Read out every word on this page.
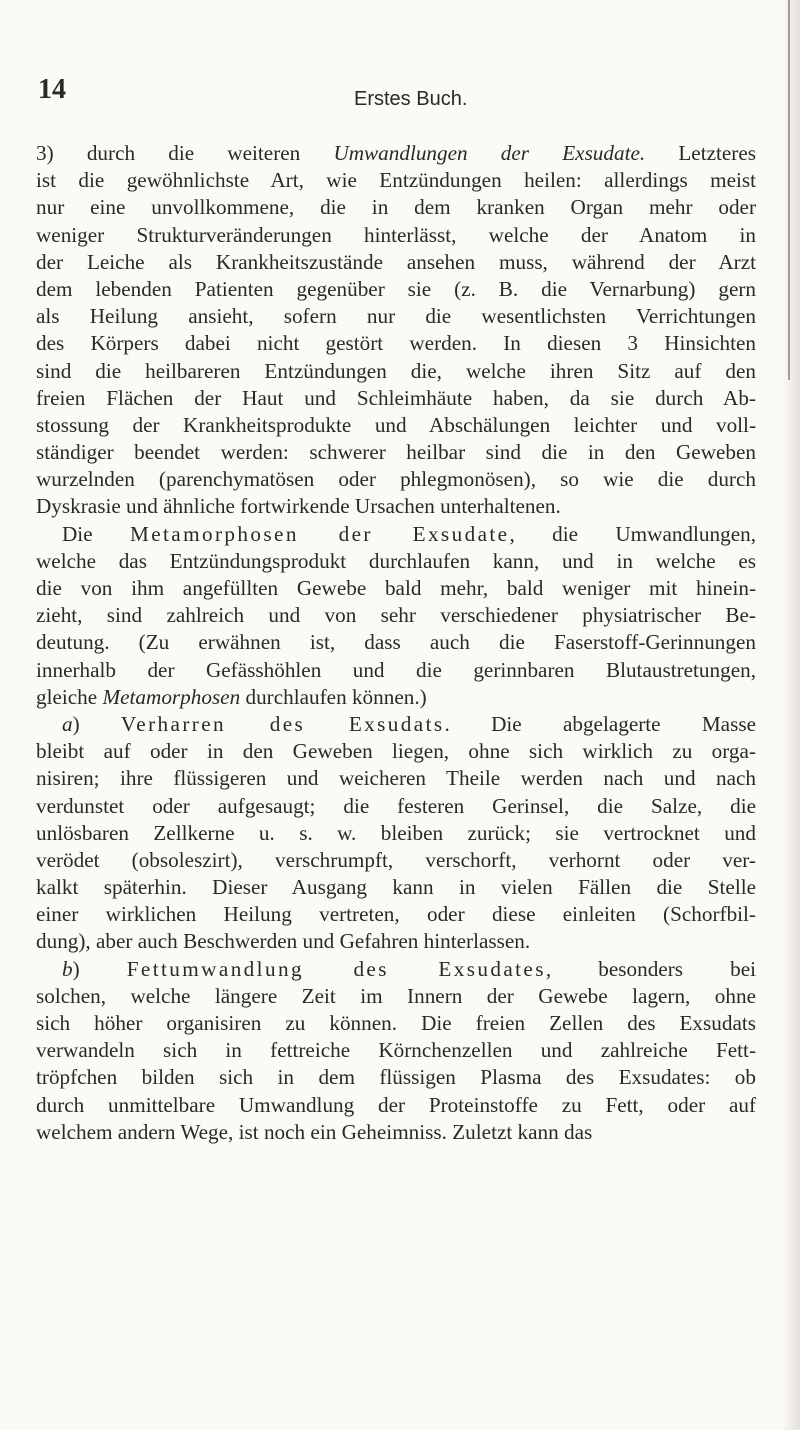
14	Erstes Buch.
3) durch die weiteren Umwandlungen der Exsudate. Letzteres
ist die gewöhnlichste Art, wie Entzündungen heilen: allerdings meist
nur eine unvollkommene, die in dem kranken Organ mehr oder
weniger Strukturveränderungen hinterlässt, welche der Anatom in
der Leiche als Krankheitszustände ansehen muss, während der Arzt
dem lebenden Patienten gegenüber sie (z. B. die Vernarbung) gern
als Heilung ansieht, sofern nur die wesentlichsten Verrichtungen
des Körpers dabei nicht gestört werden. In diesen 3 Hinsichten
sind die heilbareren Entzündungen die, welche ihren Sitz auf den
freien Flächen der Haut und Schleimhäute haben, da sie durch Ab-
stossung der Krankheitsprodukte und Abschälungen leichter und voll-
ständiger beendet werden: schwerer heilbar sind die in den Geweben
wurzelnden (parenchymatösen oder phlegmonösen), so wie die durch
Dyskrasie und ähnliche fortwirkende Ursachen unterhaltenen.
Die Metamorphosen der Exsudate, die Umwandlungen,
welche das Entzündungsprodukt durchlaufen kann, und in welche es
die von ihm angefüllten Gewebe bald mehr, bald weniger mit hinein-
zieht, sind zahlreich und von sehr verschiedener physiatrischer Be-
deutung. (Zu erwähnen ist, dass auch die Faserstoff-Gerinnungen
innerhalb der Gefässhöhlen und die gerinnbaren Blutaustretungen,
gleiche Metamorphosen durchlaufen können.)
a) Verharren des Exsudats. Die abgelagerte Masse
bleibt auf oder in den Geweben liegen, ohne sich wirklich zu orga-
nisiren; ihre flüssigeren und weicheren Theile werden nach und nach
verdunstet oder aufgesaugt; die festeren Gerinsel, die Salze, die
unlösbaren Zellkerne u. s. w. bleiben zurück; sie vertrocknet und
verödet (obsoleszirt), verschrumpft, verschorft, verhornt oder ver-
kalkt späterhin. Dieser Ausgang kann in vielen Fällen die Stelle
einer wirklichen Heilung vertreten, oder diese einleiten (Schorfbil-
dung), aber auch Beschwerden und Gefahren hinterlassen.
b) Fettumwandlung des Exsudates, besonders bei
solchen, welche längere Zeit im Innern der Gewebe lagern, ohne
sich höher organisiren zu können. Die freien Zellen des Exsudats
verwandeln sich in fettreiche Körnchenzellen und zahlreiche Fett-
tröpfchen bilden sich in dem flüssigen Plasma des Exsudates: ob
durch unmittelbare Umwandlung der Proteinstoffe zu Fett, oder auf
welchem andern Wege, ist noch ein Geheimniss. Zuletzt kann das
